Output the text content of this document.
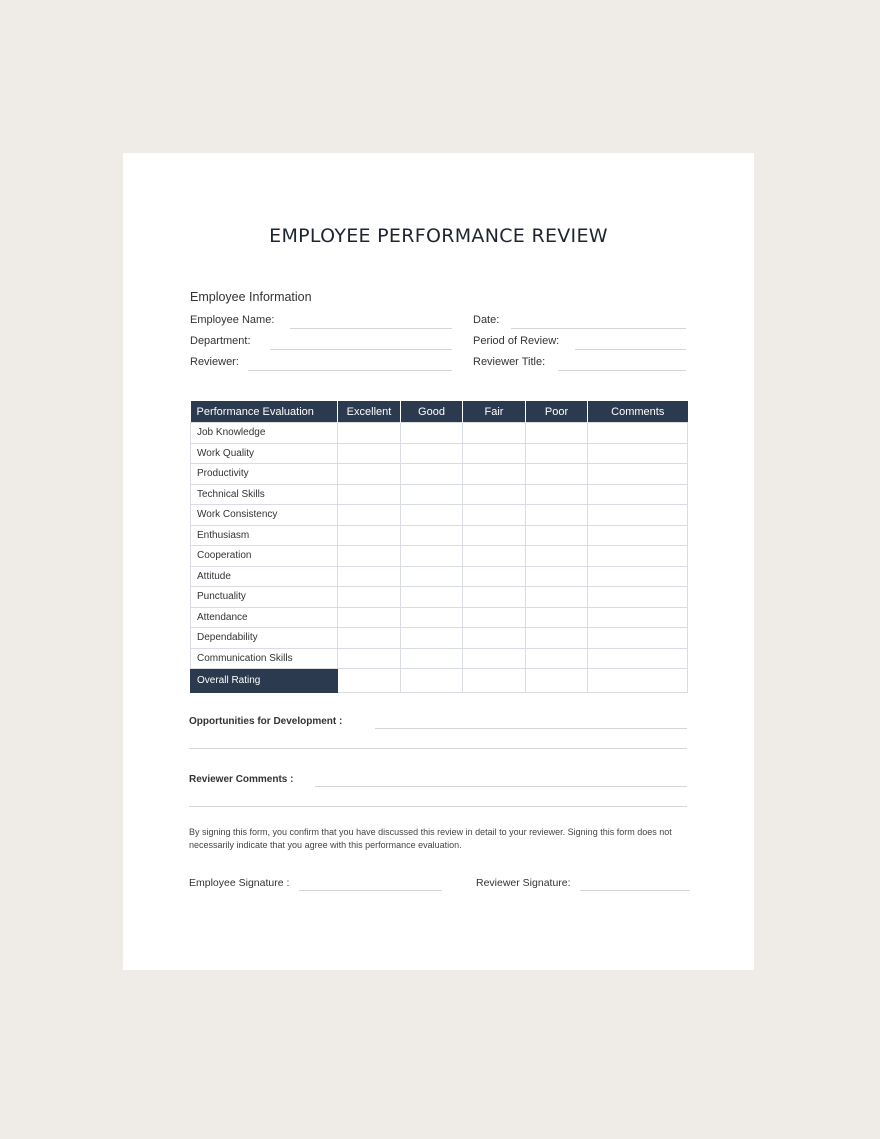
EMPLOYEE PERFORMANCE REVIEW
Employee Information
Employee Name:	Date:
Department:	Period of Review:
Reviewer:	Reviewer Title:
Performance Evaluation	Excellent	Good	Fair	Poor	Comments
Job Knowledge					
Work Quality					
Productivity					
Technical Skills					
Work Consistency					
Enthusiasm					
Cooperation					
Attitude					
Punctuality					
Attendance					
Dependability					
Communication Skills					
Overall Rating					
Opportunities for Development :
Reviewer Comments :
By signing this form, you confirm that you have discussed this review in detail to your reviewer. Signing this form does not necessarily indicate that you agree with this performance evaluation.
Employee Signature :	Reviewer Signature:
